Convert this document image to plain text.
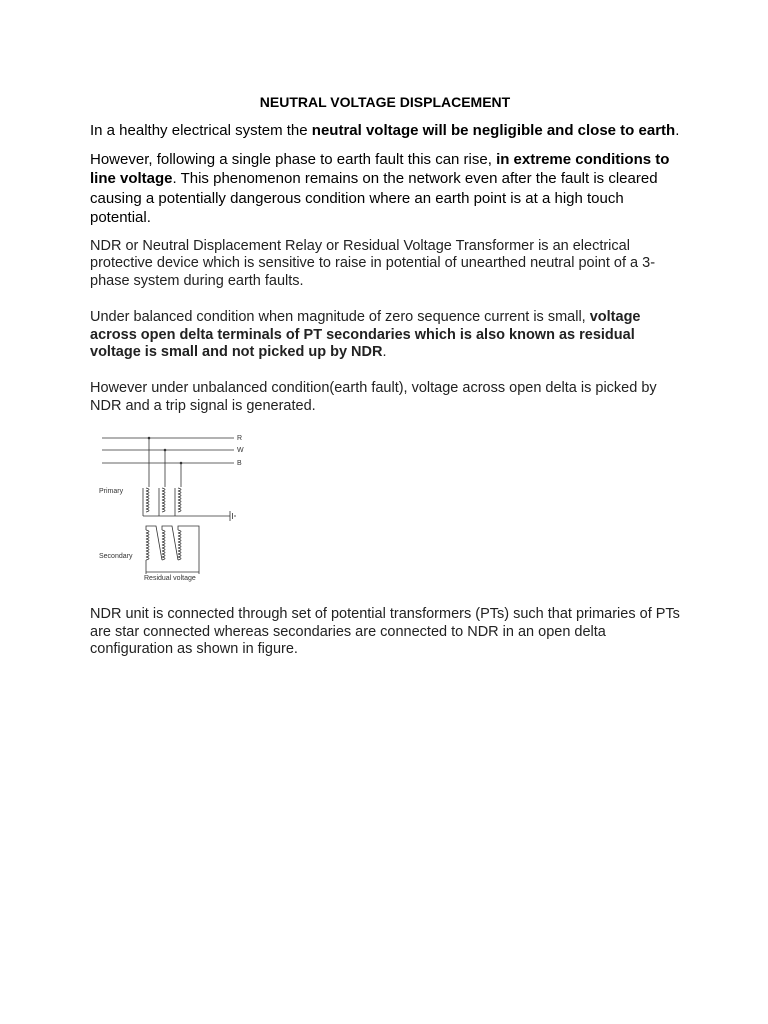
NEUTRAL VOLTAGE DISPLACEMENT

In a healthy electrical system the neutral voltage will be negligible and close to earth.

However, following a single phase to earth fault this can rise, in extreme conditions to line voltage. This phenomenon remains on the network even after the fault is cleared causing a potentially dangerous condition where an earth point is at a high touch potential.

NDR or Neutral Displacement Relay or Residual Voltage Transformer is an electrical protective device which is sensitive to raise in potential of unearthed neutral point of a 3-phase system during earth faults.

Under balanced condition when magnitude of zero sequence current is small, voltage across open delta terminals of PT secondaries which is also known as residual voltage is small and not picked up by NDR.

However under unbalanced condition(earth fault), voltage across open delta is picked by NDR and a trip signal is generated.

R
W
B
Primary
Secondary
Residual voltage

NDR unit is connected through set of potential transformers (PTs) such that primaries of PTs are star connected whereas secondaries are connected to NDR in an open delta configuration as shown in figure.
